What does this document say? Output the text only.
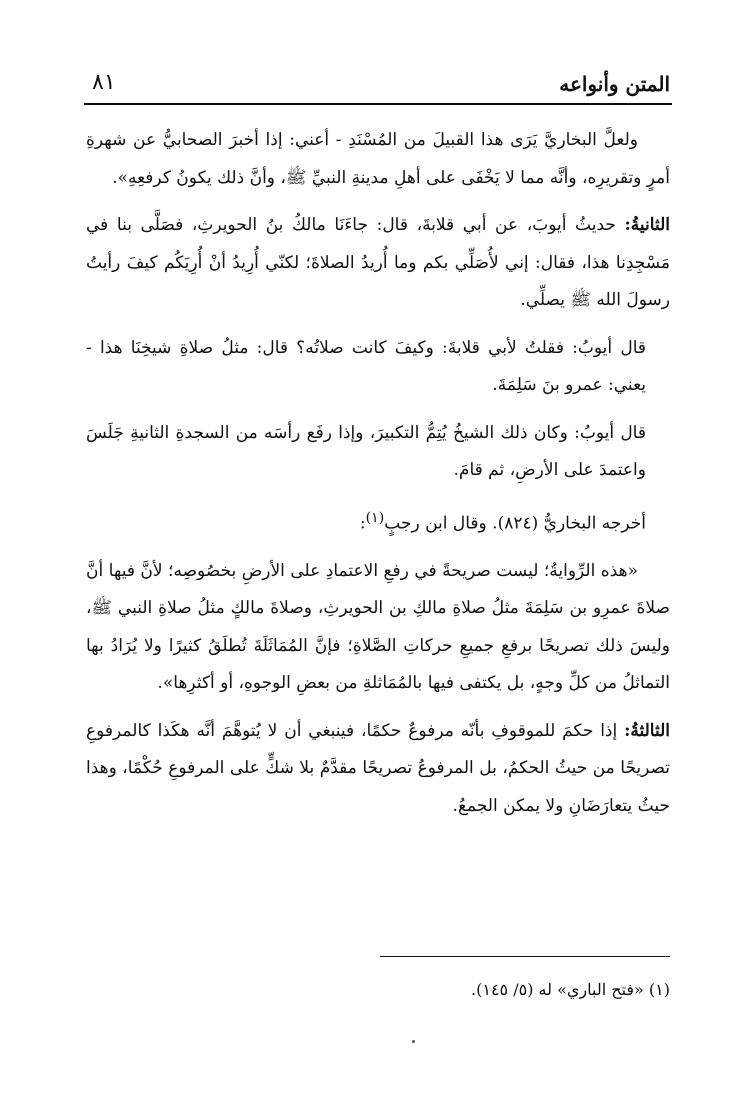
المتن وأنواعه
٨١

ولعلَّ البخاريَّ يَرَى هذا القبيلَ من المُسْنَدِ - أعني: إذا أخبرَ الصحابيُّ عن شهرةِ أمرٍ وتقريرِه، وأنَّه مما لا يَخْفَى على أهلِ مدينةِ النبيِّ ﷺ، وأنَّ ذلك يكونُ كرفعِهِ».

الثانيةُ: حديثُ أيوبَ، عن أبي قلابةَ، قال: جاءَنَا مالكُ بنُ الحويرثِ، فصَلَّى بنا في مَسْجِدِنا هذا، فقال: إني لأُصَلِّي بكم وما أُريدُ الصلاةَ؛ لكنّي أُرِيدُ أنْ أُرِيَكُم كيفَ رأيتُ رسولَ الله ﷺ يصلِّي.

قال أيوبُ: فقلتُ لأبي قلابةَ: وكيفَ كانت صلاتُه؟ قال: مثلُ صلاةِ شيخِنَا هذا - يعني: عمرو بنَ سَلِمَةَ.

قال أيوبُ: وكان ذلك الشيخُ يُتِمُّ التكبيرَ، وإذا رفَع رأسَه من السجدةِ الثانيةِ جَلَسَ واعتمدَ على الأرضِ، ثم قامَ.

أخرجه البخاريُّ (٨٢٤). وقال ابن رجبٍ$^{(١)}$:

«هذه الرِّوايةُ؛ ليست صريحةً في رفعِ الاعتمادِ على الأرضِ بخصُوصِه؛ لأنَّ فيها أنَّ صلاةَ عمرِو بن سَلِمَةَ مثلُ صلاةِ مالكِ بن الحويرثِ، وصلاةَ مالكٍ مثلُ صلاةِ النبي ﷺ، وليسَ ذلك تصريحًا برفعِ جميعِ حركاتِ الصَّلاةِ؛ فإنَّ المُمَاثَلَةَ تُطلَقُ كثيرًا ولا يُرَادُ بها التماثلُ من كلِّ وجهٍ، بل يكتفى فيها بالمُمَاثلةِ من بعضِ الوجوهِ، أو أكثرِها».

الثالثةُ: إذا حكمَ للموقوفِ بأنّه مرفوعٌ حكمًا، فينبغي أن لا يُتوهَّمَ أنَّه هكَذا كالمرفوعِ تصريحًا من حيثُ الحكمُ، بل المرفوعُ تصريحًا مقدَّمٌ بلا شكٍّ على المرفوعِ حُكْمًا، وهذا حيثُ يتعارَضَانِ ولا يمكن الجمعُ.

(١) «فتح الباري» له (٥/ ١٤٥).
